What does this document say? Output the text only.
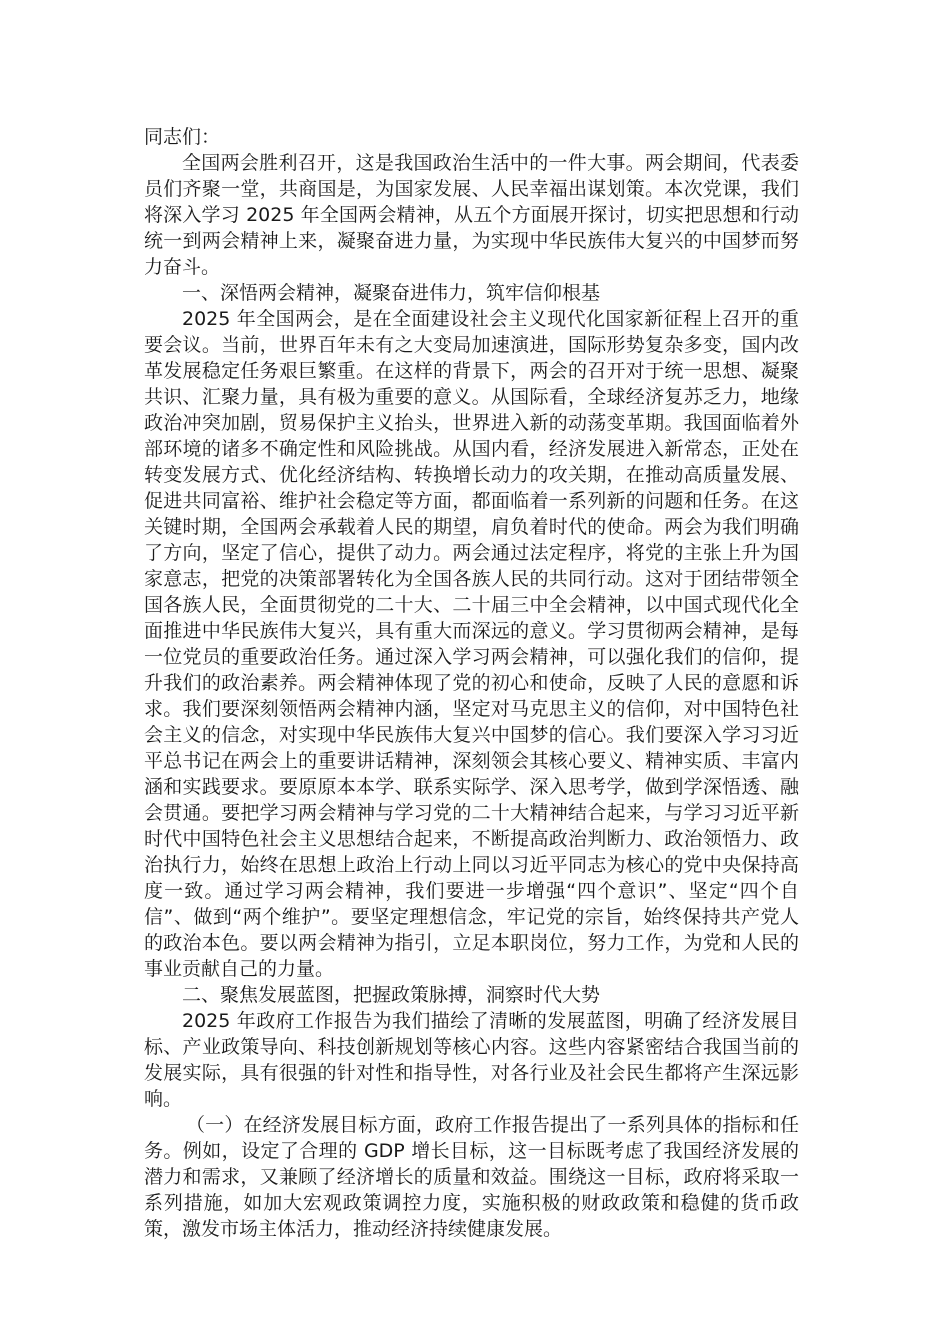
同志们：

全国两会胜利召开，这是我国政治生活中的一件大事。两会期间，代表委员们齐聚一堂，共商国是，为国家发展、人民幸福出谋划策。本次党课，我们将深入学习 2025 年全国两会精神，从五个方面展开探讨，切实把思想和行动统一到两会精神上来，凝聚奋进力量，为实现中华民族伟大复兴的中国梦而努力奋斗。

一、深悟两会精神，凝聚奋进伟力，筑牢信仰根基

2025 年全国两会，是在全面建设社会主义现代化国家新征程上召开的重要会议。当前，世界百年未有之大变局加速演进，国际形势复杂多变，国内改革发展稳定任务艰巨繁重。在这样的背景下，两会的召开对于统一思想、凝聚共识、汇聚力量，具有极为重要的意义。从国际看，全球经济复苏乏力，地缘政治冲突加剧，贸易保护主义抬头，世界进入新的动荡变革期。我国面临着外部环境的诸多不确定性和风险挑战。从国内看，经济发展进入新常态，正处在转变发展方式、优化经济结构、转换增长动力的攻关期，在推动高质量发展、促进共同富裕、维护社会稳定等方面，都面临着一系列新的问题和任务。在这关键时期，全国两会承载着人民的期望，肩负着时代的使命。两会为我们明确了方向，坚定了信心，提供了动力。两会通过法定程序，将党的主张上升为国家意志，把党的决策部署转化为全国各族人民的共同行动。这对于团结带领全国各族人民，全面贯彻党的二十大、二十届三中全会精神，以中国式现代化全面推进中华民族伟大复兴，具有重大而深远的意义。学习贯彻两会精神，是每一位党员的重要政治任务。通过深入学习两会精神，可以强化我们的信仰，提升我们的政治素养。两会精神体现了党的初心和使命，反映了人民的意愿和诉求。我们要深刻领悟两会精神内涵，坚定对马克思主义的信仰，对中国特色社会主义的信念，对实现中华民族伟大复兴中国梦的信心。我们要深入学习习近平总书记在两会上的重要讲话精神，深刻领会其核心要义、精神实质、丰富内涵和实践要求。要原原本本学、联系实际学、深入思考学，做到学深悟透、融会贯通。要把学习两会精神与学习党的二十大精神结合起来，与学习习近平新时代中国特色社会主义思想结合起来，不断提高政治判断力、政治领悟力、政治执行力，始终在思想上政治上行动上同以习近平同志为核心的党中央保持高度一致。通过学习两会精神，我们要进一步增强“四个意识”、坚定“四个自信”、做到“两个维护”。要坚定理想信念，牢记党的宗旨，始终保持共产党人的政治本色。要以两会精神为指引，立足本职岗位，努力工作，为党和人民的事业贡献自己的力量。

二、聚焦发展蓝图，把握政策脉搏，洞察时代大势

2025 年政府工作报告为我们描绘了清晰的发展蓝图，明确了经济发展目标、产业政策导向、科技创新规划等核心内容。这些内容紧密结合我国当前的发展实际，具有很强的针对性和指导性，对各行业及社会民生都将产生深远影响。

（一）在经济发展目标方面，政府工作报告提出了一系列具体的指标和任务。例如，设定了合理的 GDP 增长目标，这一目标既考虑了我国经济发展的潜力和需求，又兼顾了经济增长的质量和效益。围绕这一目标，政府将采取一系列措施，如加大宏观政策调控力度，实施积极的财政政策和稳健的货币政策，激发市场主体活力，推动经济持续健康发展。
